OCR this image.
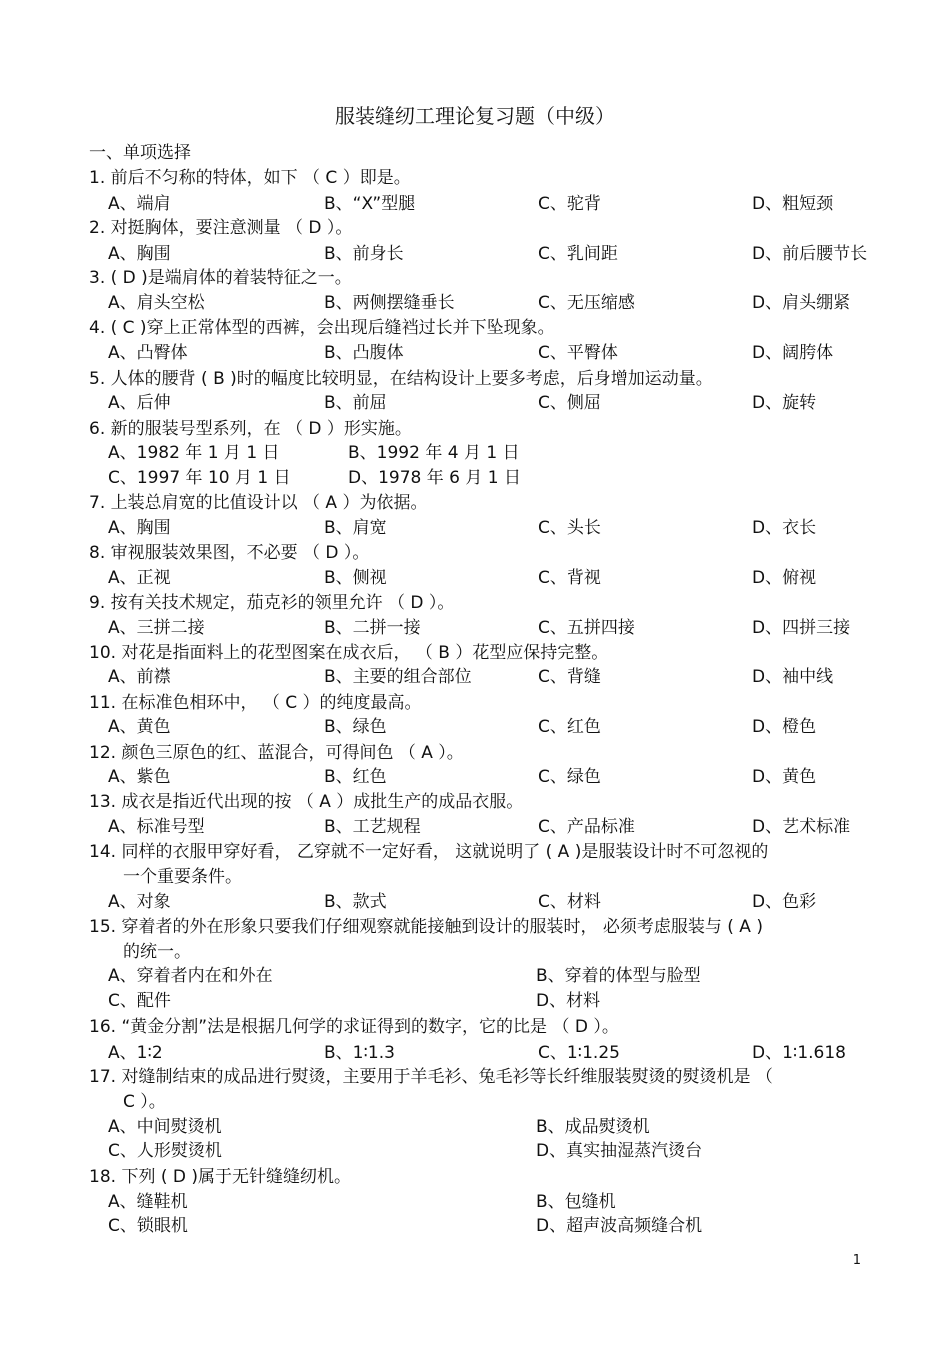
服装缝纫工理论复习题（中级）
一、单项选择
1. 前后不匀称的特体，如下 （ C ）即是。
A、端肩	B、“X”型腿	C、驼背	D、粗短颈
2. 对挺胸体，要注意测量 （ D ）。
A、胸围	B、前身长	C、乳间距	D、前后腰节长
3. ( D )是端肩体的着装特征之一。
A、肩头空松	B、两侧摆缝垂长	C、无压缩感	D、肩头绷紧
4. ( C )穿上正常体型的西裤，会出现后缝裆过长并下坠现象。
A、凸臀体	B、凸腹体	C、平臀体	D、阔胯体
5. 人体的腰背 ( B )时的幅度比较明显，在结构设计上要多考虑，后身增加运动量。
A、后伸	B、前屈	C、侧屈	D、旋转
6. 新的服装号型系列，在 （ D ）形实施。
A、1982 年 1 月 1 日	B、1992 年 4 月 1 日
C、1997 年 10 月 1 日	D、1978 年 6 月 1 日
7. 上装总肩宽的比值设计以 （ A ）为依据。
A、胸围	B、肩宽	C、头长	D、衣长
8. 审视服装效果图，不必要 （ D ）。
A、正视	B、侧视	C、背视	D、俯视
9. 按有关技术规定，茄克衫的领里允许 （ D ）。
A、三拼二接	B、二拼一接	C、五拼四接	D、四拼三接
10. 对花是指面料上的花型图案在成衣后， （ B ）花型应保持完整。
A、前襟	B、主要的组合部位	C、背缝	D、袖中线
11. 在标准色相环中， （ C ）的纯度最高。
A、黄色	B、绿色	C、红色	D、橙色
12. 颜色三原色的红、蓝混合，可得间色 （ A ）。
A、紫色	B、红色	C、绿色	D、黄色
13. 成衣是指近代出现的按 （ A ）成批生产的成品衣服。
A、标准号型	B、工艺规程	C、产品标准	D、艺术标准
14. 同样的衣服甲穿好看， 乙穿就不一定好看， 这就说明了 ( A )是服装设计时不可忽视的
一个重要条件。
A、对象	B、款式	C、材料	D、色彩
15. 穿着者的外在形象只要我们仔细观察就能接触到设计的服装时， 必须考虑服装与 ( A )
的统一。
A、穿着者内在和外在	B、穿着的体型与脸型
C、配件	D、材料
16. “黄金分割”法是根据几何学的求证得到的数字，它的比是 （ D ）。
A、1∶2	B、1∶1.3	C、1∶1.25	D、1∶1.618
17. 对缝制结束的成品进行熨烫，主要用于羊毛衫、兔毛衫等长纤维服装熨烫的熨烫机是 （
C ）。
A、中间熨烫机	B、成品熨烫机
C、人形熨烫机	D、真实抽湿蒸汽烫台
18. 下列 ( D )属于无针缝缝纫机。
A、缝鞋机	B、包缝机
C、锁眼机	D、超声波高频缝合机
1
